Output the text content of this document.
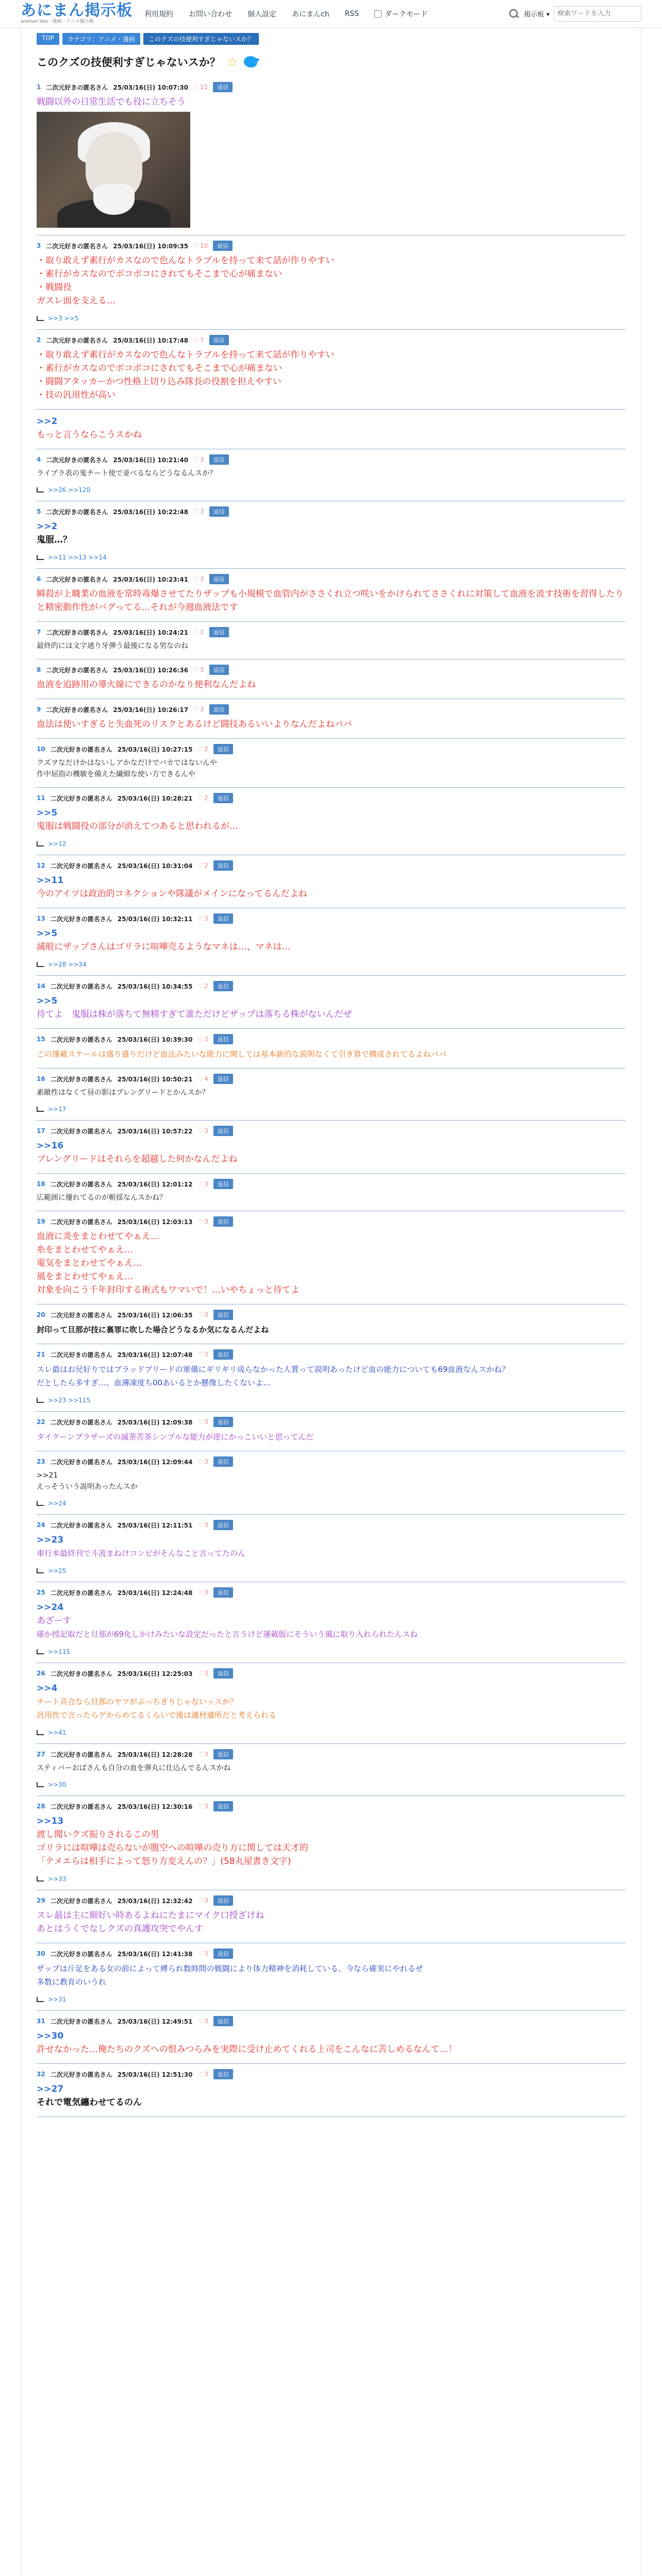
あにまん掲示板
animan bbs · 漫画・アニメ掲示板
利用規約 お問い合わせ 個人設定 あにまんch RSS	ダークモード	掲示板 ▾
検索ワードを入力
TOP	カテゴリ：アニメ・漫画	このクズの技便利すぎじゃないスか？
このクズの技便利すぎじゃないスか？ ☆
1 二次元好きの匿名さん 25/03/16(日) 10:07:30	♡ 15	返信
戦闘以外の日常生活でも役に立ちそう
3 二次元好きの匿名さん 25/03/16(日) 10:09:35	♡ 10	返信
・取り敢えず素行がカスなので色んなトラブルを持って来て話が作りやすい
・素行がカスなのでボコボコにされてもそこまで心が痛まない
・戦闘役
ガスレ面を支える…
>>3 >>5
2 二次元好きの匿名さん 25/03/16(日) 10:17:48	♡ 7	返信
・取り敢えず素行がカスなので色んなトラブルを持って来て話が作りやすい
・素行がカスなのでボコボコにされてもそこまで心が痛まない
・闘闘アタッカーかつ性格上切り込み隊長の役割を担えやすい
・技の汎用性が高い
>>2
もっと言うならこうスかね
4 二次元好きの匿名さん 25/03/16(日) 10:21:40	♡ 3	返信
ライブラ表の鬼チート使で並べるならどうなるんスか？
>>26 >>120
5 二次元好きの匿名さん 25/03/16(日) 10:22:48	♡ 3	返信
>>2
鬼服…？
>>11 >>13 >>14
6 二次元好きの匿名さん 25/03/16(日) 10:23:41	♡ 3	返信
瞬殺が上職業の血液を常時毒爆させてたりザップも小規模で血管内がささくれ立つ咲いをかけられてささくれに対策して血液を流す技術を習得したりと精密動作性がバグってる…それが今週血液法です
7 二次元好きの匿名さん 25/03/16(日) 10:24:21	♡ 2	返信
最終的には文字通り牙弾う最後になる男なのね
8 二次元好きの匿名さん 25/03/16(日) 10:26:36	♡ 3	返信
血液を追跡用の導火線にできるのかなり便利なんだよね
9 二次元好きの匿名さん 25/03/16(日) 10:26:17	♡ 3	返信
血法は使いすぎると失血死のリスクとあるけど闘技あるいいよりなんだよねババ
10 二次元好きの匿名さん 25/03/16(日) 10:27:15	♡ 2	返信
クズヲなだけかはないしアかなだけでバカではないんや
作中屈指の機敏を備えた繊細な使い方できるんや
11 二次元好きの匿名さん 25/03/16(日) 10:28:21	♡ 2	返信
>>5
鬼服は戦闘役の部分が消えてつあると思われるが…
>>12
12 二次元好きの匿名さん 25/03/16(日) 10:31:04	♡ 2	返信
>>11
今のアイツは政治的コネクションや隊議がメインになってるんだよね
13 二次元好きの匿名さん 25/03/16(日) 10:32:11	♡ 3	返信
>>5
滅般にザップさんはゴリラに喧嘩売るようなマネは…、マネは…
>>28 >>34
14 二次元好きの匿名さん 25/03/16(日) 10:34:55	♡ 2	返信
>>5
待てよ　鬼服は株が落ちて無精すぎて誰ただけどザップは落ちる株がないんだぜ
15 二次元好きの匿名さん 25/03/16(日) 10:39:30	♡ 3	返信
この運載スケールは盛り盛りだけど血法みたいな能力に関しては基本新的な説明なくて引き算で構成されてるよねババ
16 二次元好きの匿名さん 25/03/16(日) 10:50:21	♡ 4	返信
素敵性はなくて昼の影はブレングリードとかんスか？
>>17
17 二次元好きの匿名さん 25/03/16(日) 10:57:22	♡ 3	返信
>>16
ブレングリードはそれらを超越した何かなんだよね
18 二次元好きの匿名さん 25/03/16(日) 12:01:12	♡ 3	返信
広範囲に優れてるのが斬揺なんスかね？
19 二次元好きの匿名さん 25/03/16(日) 12:03:13	♡ 3	返信
血液に炎をまとわせてやぁえ…
糸をまとわせてやぁえ…
電気をまとわせてやぁえ…
風をまとわせてやぁえ…
対象を向こう千年封印する術式もワマいで！…いやちょっと待てよ
20 二次元好きの匿名さん 25/03/16(日) 12:06:35	♡ 3	返信
封印って旦那が技に裏罪に吹した場合どうなるか気になるんだよね
21 二次元好きの匿名さん 25/03/16(日) 12:07:48	♡ 3	返信
スレ最はお兄好りではブラッドブリードの軍備にギリギリ成らなかった人質って説明あったけど血の能力についても69血液なんスかね？
だとしたら多すぎ…、血薄凍度ち00あいるとか懸像したくないよ…
>>23 >>115
22 二次元好きの匿名さん 25/03/16(日) 12:09:38	♡ 3	返信
タイクーンブラザーズの滅茶苦茶シンプルな能力が逆にかっこいいと思ってんだ
23 二次元好きの匿名さん 25/03/16(日) 12:09:44	♡ 3	返信
>>21
えっそういう説明あったんスか
>>24
24 二次元好きの匿名さん 25/03/16(日) 12:11:51	♡ 3	返信
>>23
車行本最終刊で斗流まねけコンビがそんなこと言ってたのん
>>25
25 二次元好きの匿名さん 25/03/16(日) 12:24:48	♡ 3	返信
>>24
あざーす
確か授記取だと旦那が69化しかけみたいな設定だったと言うけど運載版にそういう風に取り入れられたんスね
>>115
26 二次元好きの匿名さん 25/03/16(日) 12:25:03	♡ 3	返信
>>4
チート具合なら旦那のヤツがぶっちぎりじゃないッスか？
汎用性で言ったらゲからめてるくらいで後は適材適所だと考えられる
>>41
27 二次元好きの匿名さん 25/03/16(日) 12:28:28	♡ 3	返信
スティバーおばさんも自分の血を弾丸に仕込んでるんスかね
>>30
28 二次元好きの匿名さん 25/03/16(日) 12:30:16	♡ 3	返信
>>13
渡し聞いクズ振りされるこの男
ゴリラには喧嘩は売らないが腹空への喧嘩の売り方に関しては天才的
「テメエらは相手によって怒り方変えんの？」(58丸屋書き文字)
>>33
29 二次元好きの匿名さん 25/03/16(日) 12:32:42	♡ 3	返信
スレ最は主に細好い時あるよねにたまにマイク口授ざけね
あとはうくでなしクズの真護攻突でやんす
30 二次元好きの匿名さん 25/03/16(日) 12:41:38	♡ 3	返信
ザップは斤足をある女の前によって縛られ数時間の戦闘により体力精神を消耗している、今なら確実にやれるぜ
多数に教育のいうれ
>>31
31 二次元好きの匿名さん 25/03/16(日) 12:49:51	♡ 3	返信
>>30
許せなかった…俺たちのクズへの恨みつらみを実際に受け止めてくれる上司をこんなに苦しめるなんて…！
32 二次元好きの匿名さん 25/03/16(日) 12:51:30	♡ 3	返信
>>27
それで電気纏わせてるのん
